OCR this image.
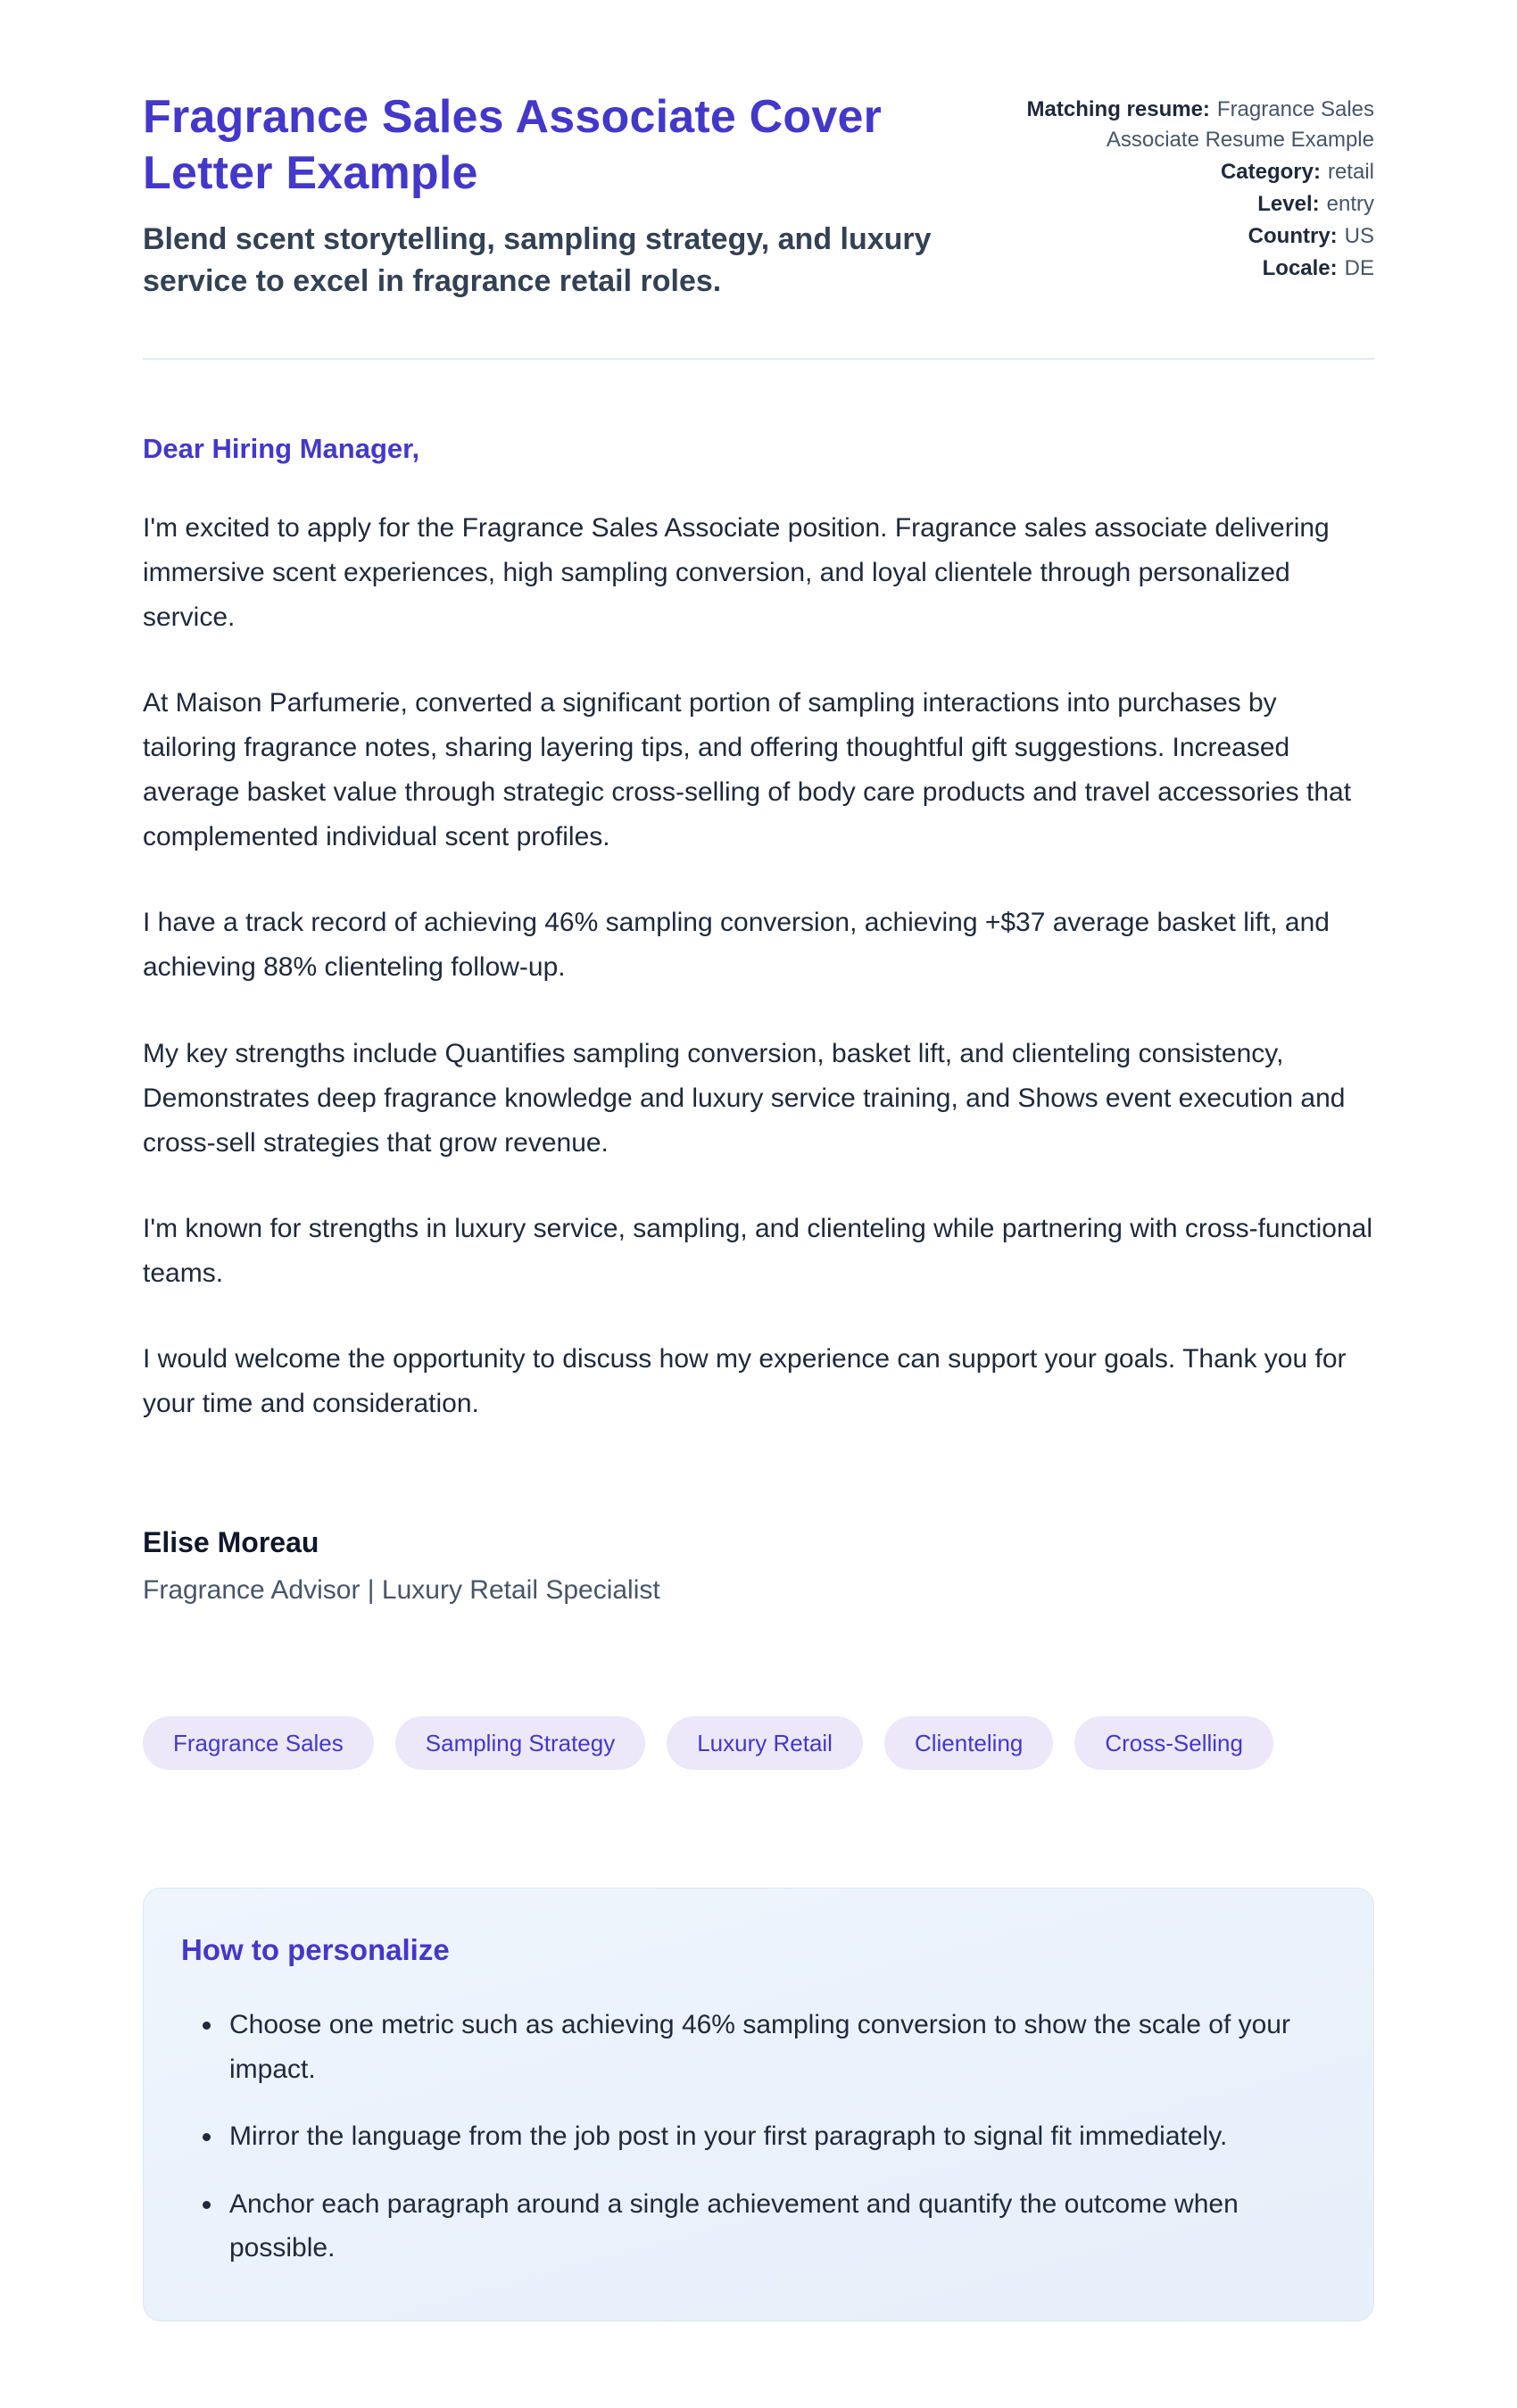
Fragrance Sales Associate Cover Letter Example
Blend scent storytelling, sampling strategy, and luxury service to excel in fragrance retail roles.
Matching resume: Fragrance Sales Associate Resume Example
Category: retail
Level: entry
Country: US
Locale: DE
Dear Hiring Manager,

I'm excited to apply for the Fragrance Sales Associate position. Fragrance sales associate delivering immersive scent experiences, high sampling conversion, and loyal clientele through personalized service.

At Maison Parfumerie, converted a significant portion of sampling interactions into purchases by tailoring fragrance notes, sharing layering tips, and offering thoughtful gift suggestions. Increased average basket value through strategic cross-selling of body care products and travel accessories that complemented individual scent profiles.

I have a track record of achieving 46% sampling conversion, achieving +$37 average basket lift, and achieving 88% clienteling follow-up.

My key strengths include Quantifies sampling conversion, basket lift, and clienteling consistency, Demonstrates deep fragrance knowledge and luxury service training, and Shows event execution and cross-sell strategies that grow revenue.

I'm known for strengths in luxury service, sampling, and clienteling while partnering with cross-functional teams.

I would welcome the opportunity to discuss how my experience can support your goals. Thank you for your time and consideration.

Elise Moreau
Fragrance Advisor | Luxury Retail Specialist
Fragrance Sales	Sampling Strategy	Luxury Retail	Clienteling	Cross-Selling
How to personalize
• Choose one metric such as achieving 46% sampling conversion to show the scale of your impact.
• Mirror the language from the job post in your first paragraph to signal fit immediately.
• Anchor each paragraph around a single achievement and quantify the outcome when possible.
